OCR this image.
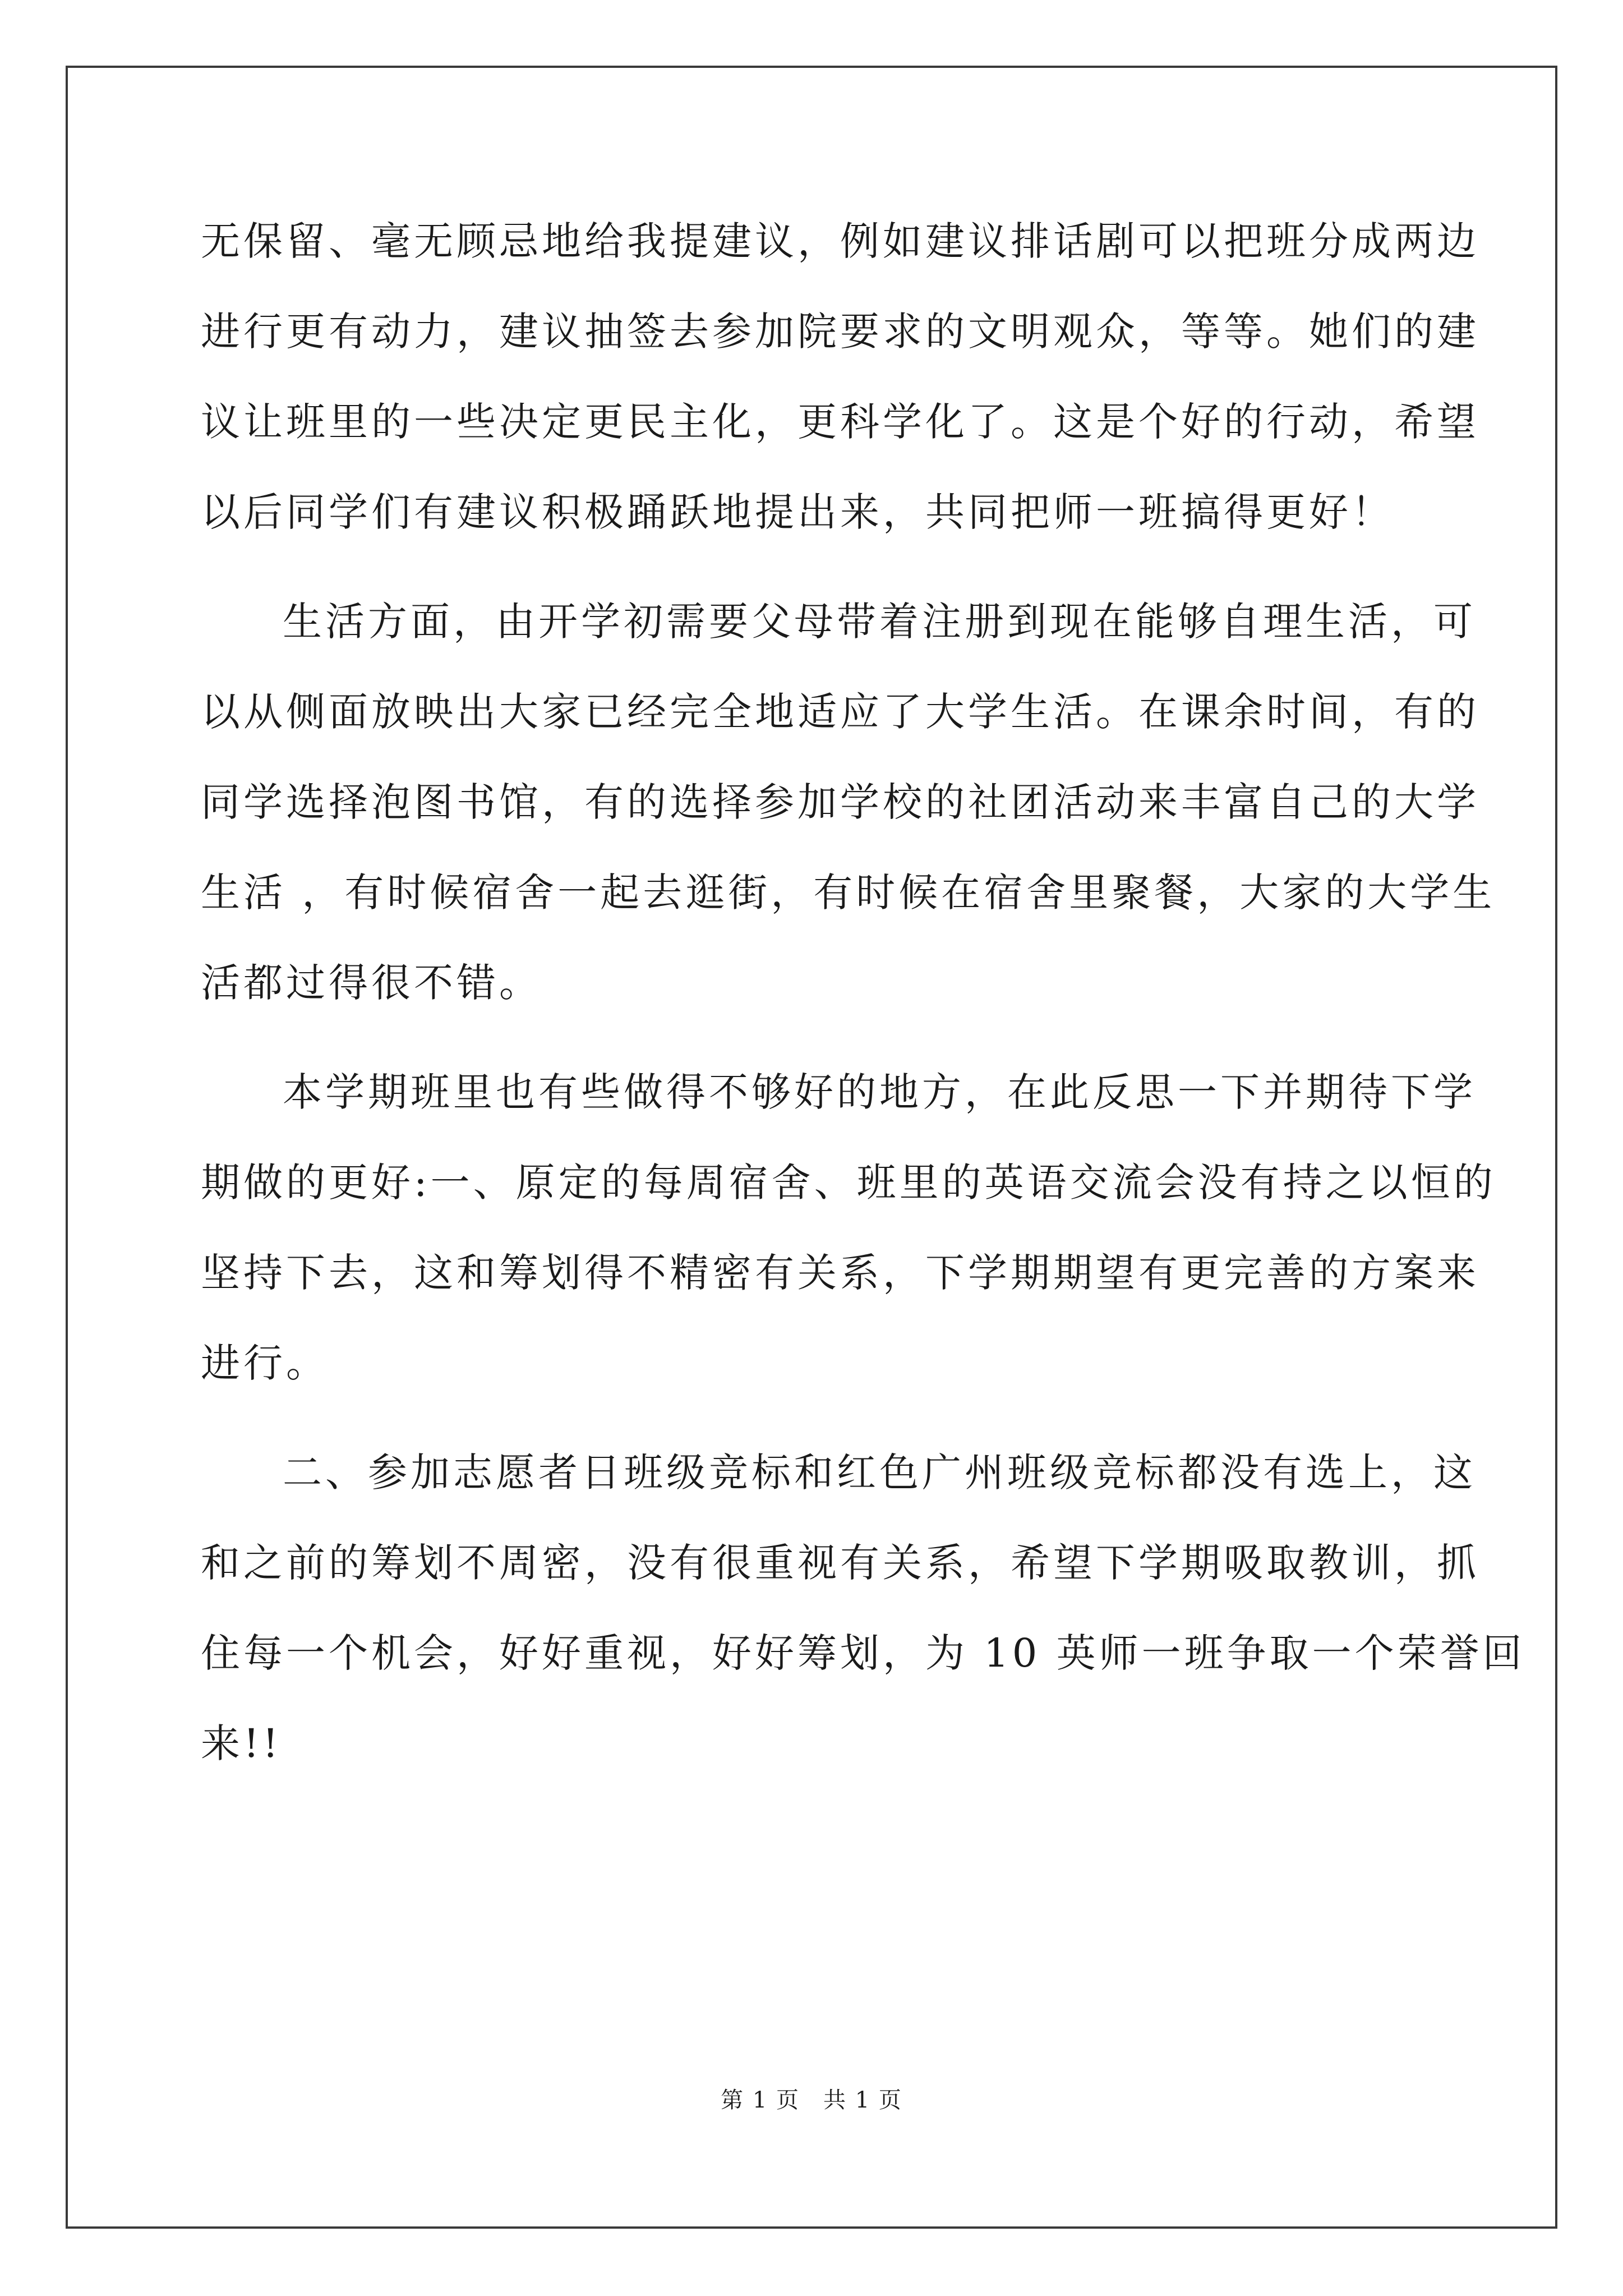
无保留、毫无顾忌地给我提建议，例如建议排话剧可以把班分成两边
进行更有动力，建议抽签去参加院要求的文明观众，等等。她们的建
议让班里的一些决定更民主化，更科学化了。这是个好的行动，希望
以后同学们有建议积极踊跃地提出来，共同把师一班搞得更好！
生活方面，由开学初需要父母带着注册到现在能够自理生活，可
以从侧面放映出大家已经完全地适应了大学生活。在课余时间，有的
同学选择泡图书馆，有的选择参加学校的社团活动来丰富自己的大学
生活 ，有时候宿舍一起去逛街，有时候在宿舍里聚餐，大家的大学生
活都过得很不错。
本学期班里也有些做得不够好的地方，在此反思一下并期待下学
期做的更好:一、原定的每周宿舍、班里的英语交流会没有持之以恒的
坚持下去，这和筹划得不精密有关系，下学期期望有更完善的方案来
进行。
二、参加志愿者日班级竞标和红色广州班级竞标都没有选上，这
和之前的筹划不周密，没有很重视有关系，希望下学期吸取教训，抓
住每一个机会，好好重视，好好筹划，为 10 英师一班争取一个荣誉回
来!!
第 1 页　共 1 页
